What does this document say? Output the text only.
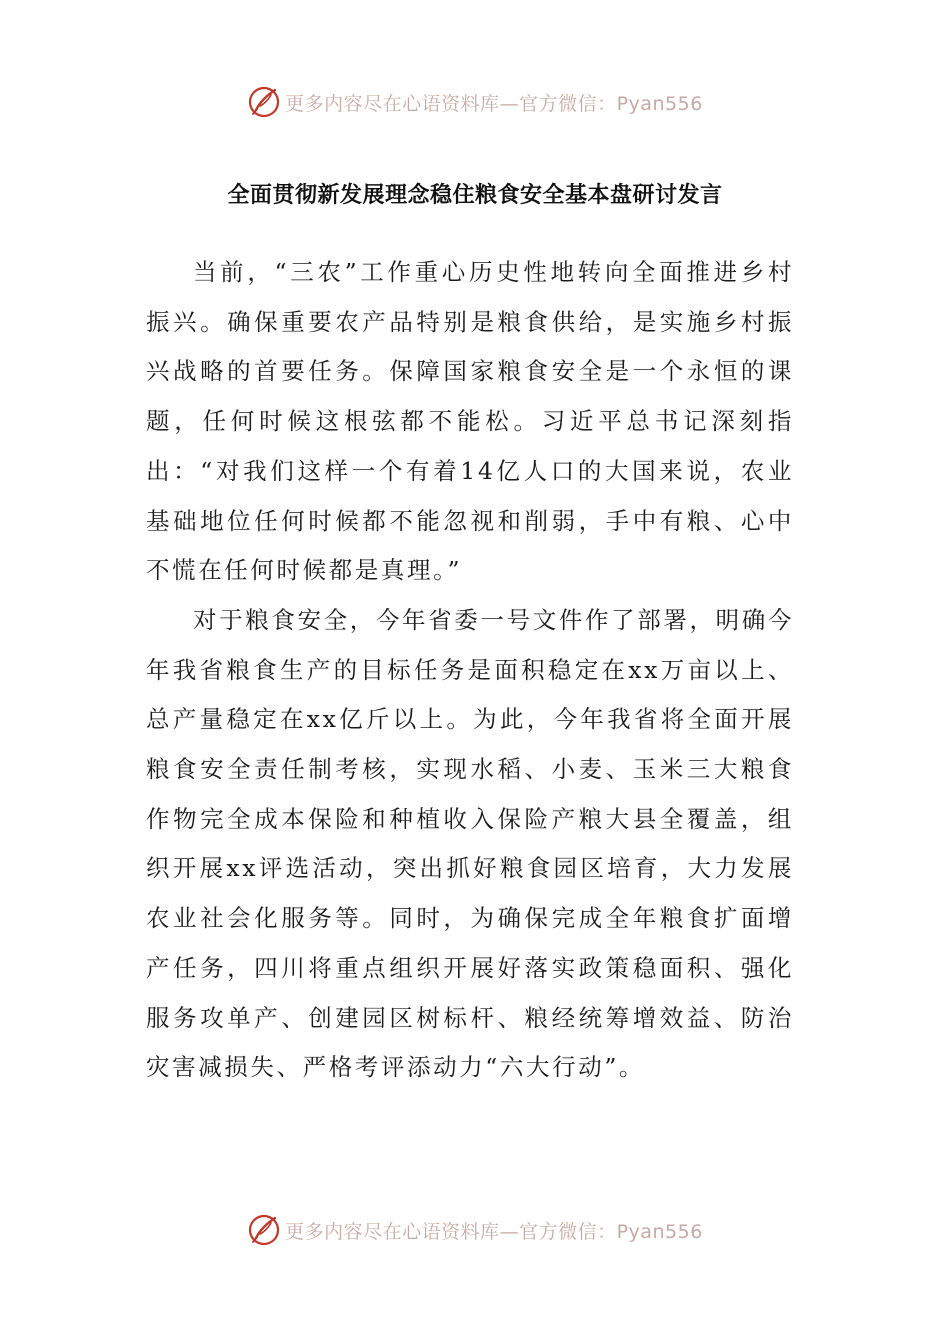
更多内容尽在心语资料库—官方微信：Pyan556
全面贯彻新发展理念稳住粮食安全基本盘研讨发言

当前，“三农”工作重心历史性地转向全面推进乡村振兴。确保重要农产品特别是粮食供给，是实施乡村振兴战略的首要任务。保障国家粮食安全是一个永恒的课题，任何时候这根弦都不能松。习近平总书记深刻指出：“对我们这样一个有着14亿人口的大国来说，农业基础地位任何时候都不能忽视和削弱，手中有粮、心中不慌在任何时候都是真理。”

对于粮食安全，今年省委一号文件作了部署，明确今年我省粮食生产的目标任务是面积稳定在xx万亩以上、总产量稳定在xx亿斤以上。为此，今年我省将全面开展粮食安全责任制考核，实现水稻、小麦、玉米三大粮食作物完全成本保险和种植收入保险产粮大县全覆盖，组织开展xx评选活动，突出抓好粮食园区培育，大力发展农业社会化服务等。同时，为确保完成全年粮食扩面增产任务，四川将重点组织开展好落实政策稳面积、强化服务攻单产、创建园区树标杆、粮经统筹增效益、防治灾害减损失、严格考评添动力“六大行动”。

更多内容尽在心语资料库—官方微信：Pyan556
